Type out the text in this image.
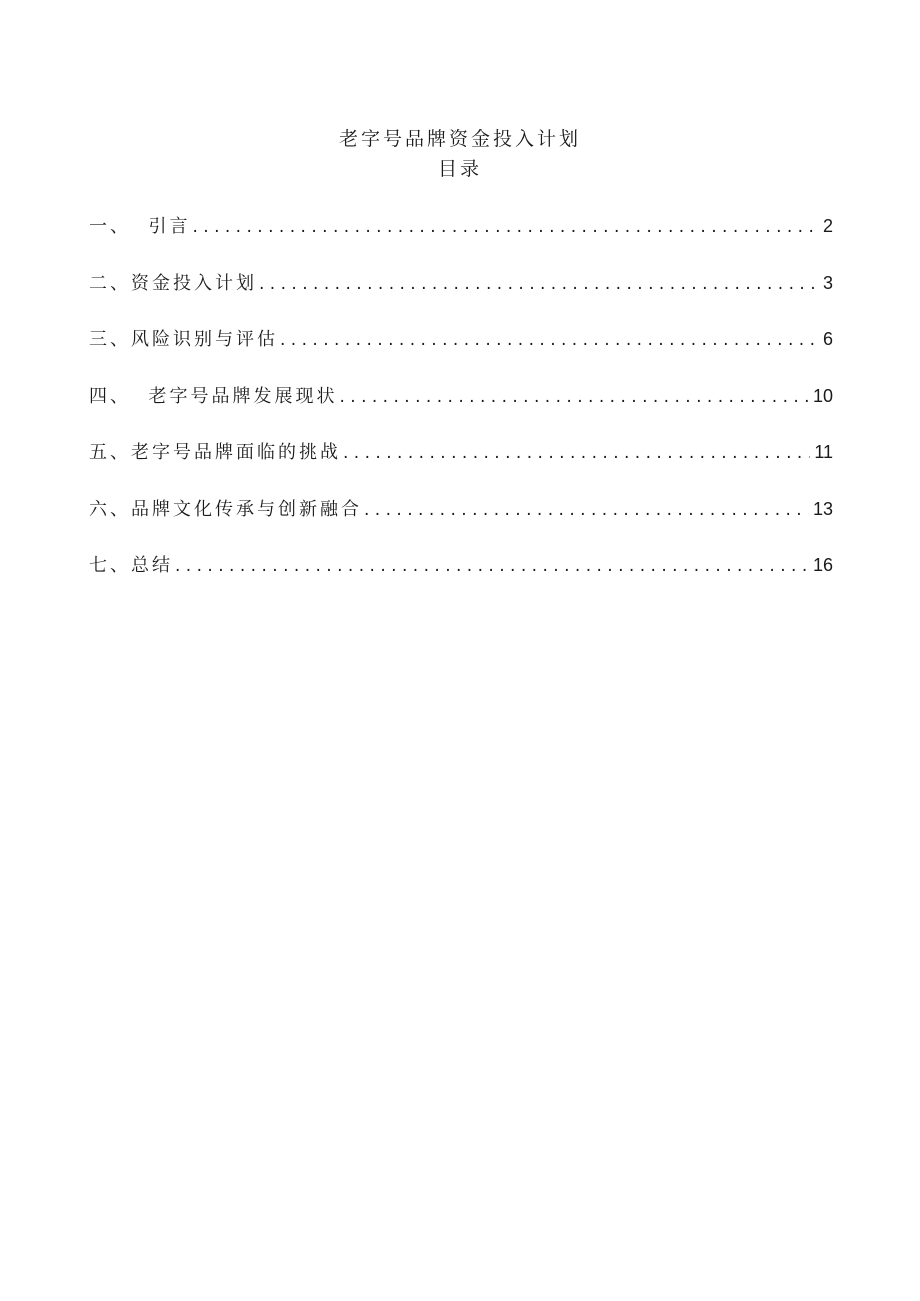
老字号品牌资金投入计划
目录
一、  引言 . . .	2
二、资金投入计划 . . .	3
三、风险识别与评估 . . .	6
四、  老字号品牌发展现状 . . .	10
五、老字号品牌面临的挑战 . . .	11
六、品牌文化传承与创新融合 . . .	13
七、总结 . . .	16
